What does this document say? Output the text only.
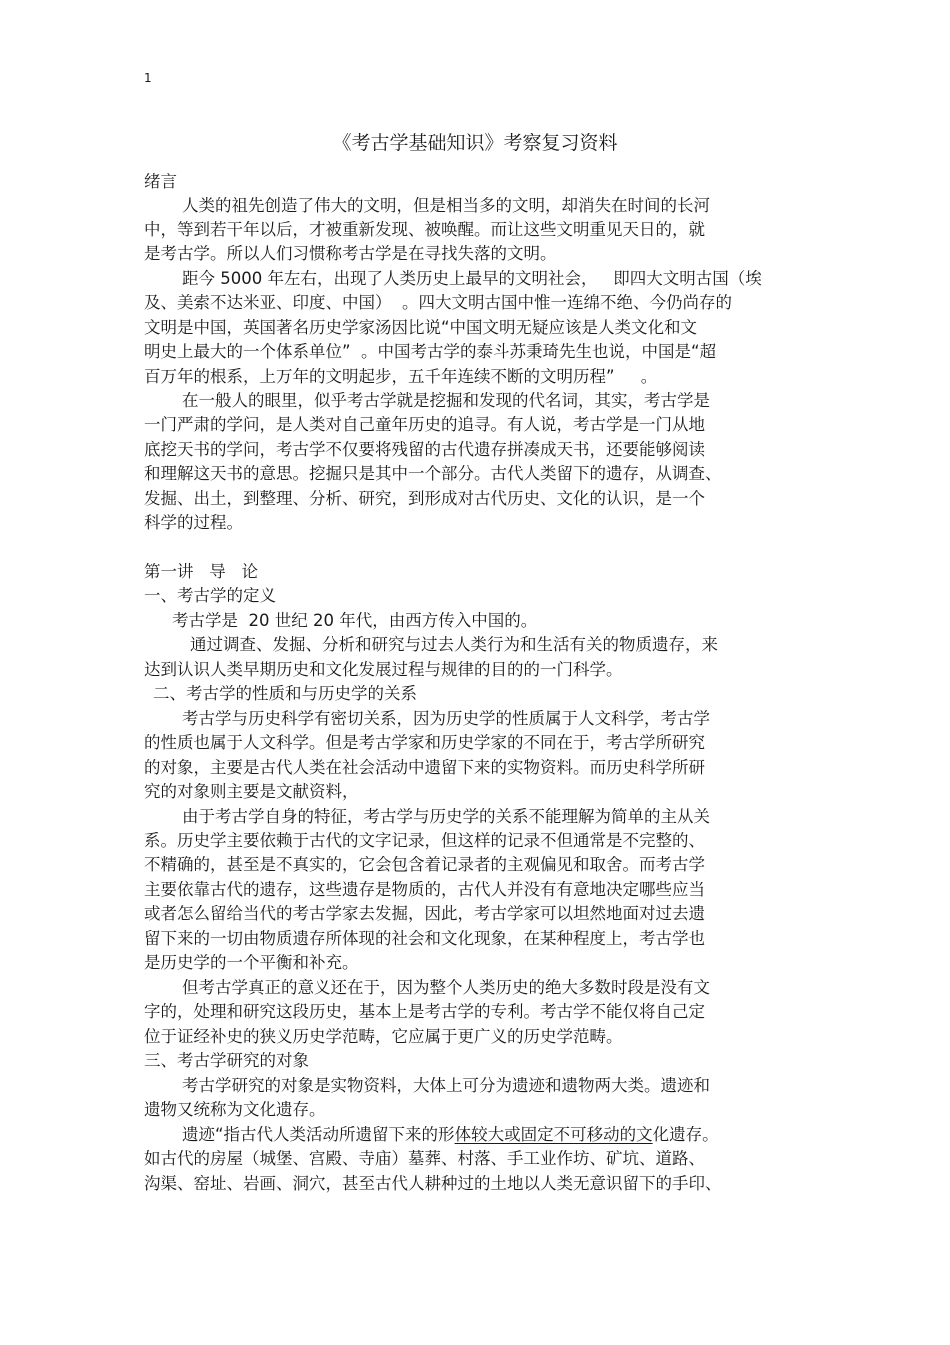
1
《考古学基础知识》考察复习资料
绪言
人类的祖先创造了伟大的文明，但是相当多的文明，却消失在时间的长河
中，等到若干年以后，才被重新发现、被唤醒。而让这些文明重见天日的，就
是考古学。所以人们习惯称考古学是在寻找失落的文明。
距今 5000 年左右，出现了人类历史上最早的文明社会，   即四大文明古国（埃
及、美索不达米亚、印度、中国）  。四大文明古国中惟一连绵不绝、今仍尚存的
文明是中国，英国著名历史学家汤因比说“中国文明无疑应该是人类文化和文
明史上最大的一个体系单位”  。中国考古学的泰斗苏秉琦先生也说，中国是“超
百万年的根系，上万年的文明起步，五千年连续不断的文明历程”     。
在一般人的眼里，似乎考古学就是挖掘和发现的代名词，其实，考古学是
一门严肃的学问，是人类对自己童年历史的追寻。有人说，考古学是一门从地
底挖天书的学问，考古学不仅要将残留的古代遗存拼凑成天书，还要能够阅读
和理解这天书的意思。挖掘只是其中一个部分。古代人类留下的遗存，从调查、
发掘、出土，到整理、分析、研究，到形成对古代历史、文化的认识，是一个
科学的过程。
第一讲   导   论
一、考古学的定义
考古学是  20 世纪 20 年代，由西方传入中国的。
通过调查、发掘、分析和研究与过去人类行为和生活有关的物质遗存，来
达到认识人类早期历史和文化发展过程与规律的目的的一门科学。
二、考古学的性质和与历史学的关系
考古学与历史科学有密切关系，因为历史学的性质属于人文科学，考古学
的性质也属于人文科学。但是考古学家和历史学家的不同在于，考古学所研究
的对象，主要是古代人类在社会活动中遗留下来的实物资料。而历史科学所研
究的对象则主要是文献资料，
由于考古学自身的特征，考古学与历史学的关系不能理解为简单的主从关
系。历史学主要依赖于古代的文字记录，但这样的记录不但通常是不完整的、
不精确的，甚至是不真实的，它会包含着记录者的主观偏见和取舍。而考古学
主要依靠古代的遗存，这些遗存是物质的，古代人并没有有意地决定哪些应当
或者怎么留给当代的考古学家去发掘，因此，考古学家可以坦然地面对过去遗
留下来的一切由物质遗存所体现的社会和文化现象，在某种程度上，考古学也
是历史学的一个平衡和补充。
但考古学真正的意义还在于，因为整个人类历史的绝大多数时段是没有文
字的，处理和研究这段历史，基本上是考古学的专利。考古学不能仅将自己定
位于证经补史的狭义历史学范畴，它应属于更广义的历史学范畴。
三、考古学研究的对象
考古学研究的对象是实物资料，大体上可分为遗迹和遗物两大类。遗迹和
遗物又统称为文化遗存。
遗迹“指古代人类活动所遗留下来的形体较大或固定不可移动的文化遗存。
如古代的房屋（城堡、宫殿、寺庙）墓葬、村落、手工业作坊、矿坑、道路、
沟渠、窑址、岩画、洞穴，甚至古代人耕种过的土地以人类无意识留下的手印、
